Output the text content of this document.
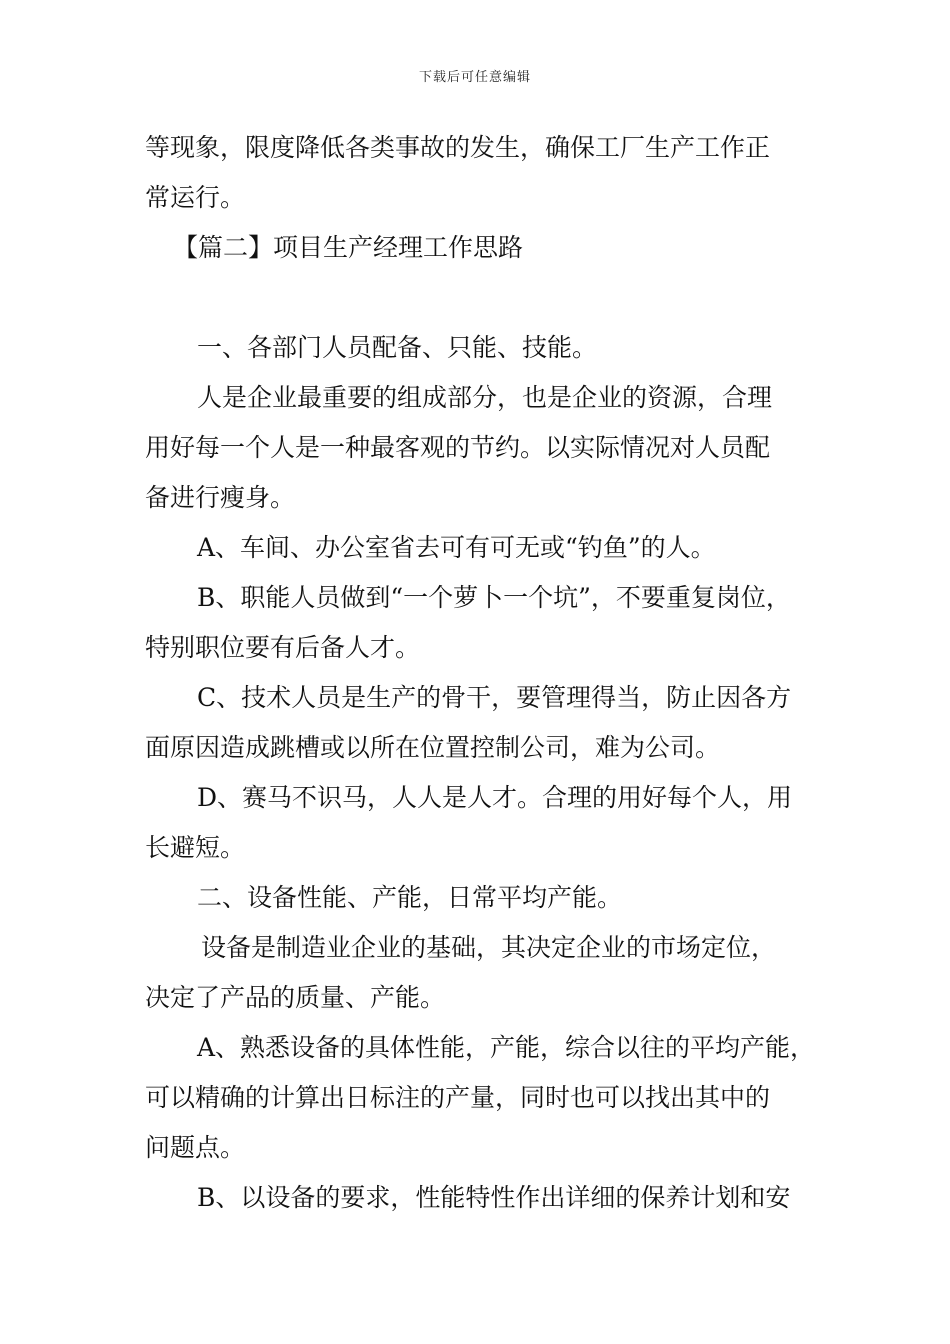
下载后可任意编辑
等现象，限度降低各类事故的发生，确保工厂生产工作正
常运行。
【篇二】项目生产经理工作思路
一、各部门人员配备、只能、技能。
人是企业最重要的组成部分，也是企业的资源，合理
用好每一个人是一种最客观的节约。以实际情况对人员配
备进行瘦身。
A、车间、办公室省去可有可无或“钓鱼”的人。
B、职能人员做到“一个萝卜一个坑”，不要重复岗位，
特别职位要有后备人才。
C、技术人员是生产的骨干，要管理得当，防止因各方
面原因造成跳槽或以所在位置控制公司，难为公司。
D、赛马不识马，人人是人才。合理的用好每个人，用
长避短。
二、设备性能、产能，日常平均产能。
设备是制造业企业的基础，其决定企业的市场定位，
决定了产品的质量、产能。
A、熟悉设备的具体性能，产能，综合以往的平均产能，
可以精确的计算出日标注的产量，同时也可以找出其中的
问题点。
B、以设备的要求，性能特性作出详细的保养计划和安
